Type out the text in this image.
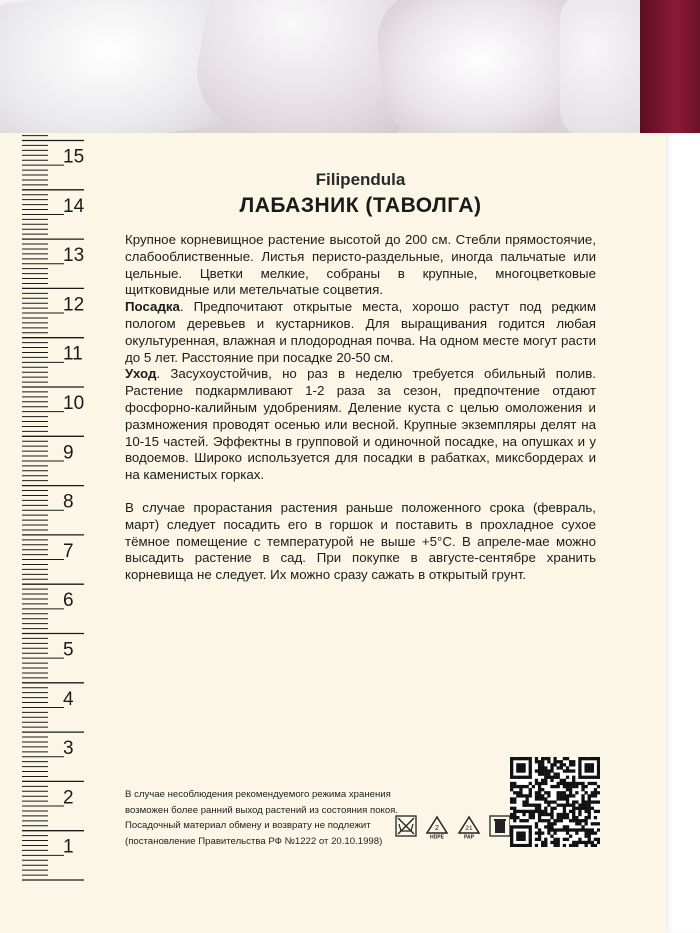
1
2
3
4
5
6
7
8
9
10
11
12
13
14
15
Filipendula
ЛАБАЗНИК (ТАВОЛГА)

Крупное корневищное растение высотой до 200 см. Стебли прямостоячие, слабооблиственные. Листья перисто-раздельные, иногда пальчатые или цельные. Цветки мелкие, собраны в крупные, многоцветковые щитковидные или метельчатые соцветия.

Посадка. Предпочитают открытые места, хорошо растут под редким пологом деревьев и кустарников. Для выращивания годится любая окультуренная, влажная и плодородная почва. На одном месте могут расти до 5 лет. Расстояние при посадке 20-50 см.

Уход. Засухоустойчив, но раз в неделю требуется обильный полив. Растение подкармливают 1-2 раза за сезон, предпочтение отдают фосфорно-калийным удобрениям. Деление куста с целью омоложения и размножения проводят осенью или весной. Крупные экземпляры делят на 10-15 частей. Эффектны в групповой и одиночной посадке, на опушках и у водоемов. Широко используется для посадки в рабатках, миксбордерах и на каменистых горках.

В случае прорастания растения раньше положенного срока (февраль, март) следует посадить его в горшок и поставить в прохладное сухое тёмное помещение с температурой не выше +5°С. В апреле-мае можно высадить растение в сад. При покупке в августе-сентябре хранить корневища не следует. Их можно сразу сажать в открытый грунт.

В случае несоблюдения рекомендуемого режима хранения
возможен более ранний выход растений из состояния покоя.
Посадочный материал обмену и возврату не подлежит
(постановление Правительства РФ №1222 от 20.10.1998)
2
HDPE
21
PAP
